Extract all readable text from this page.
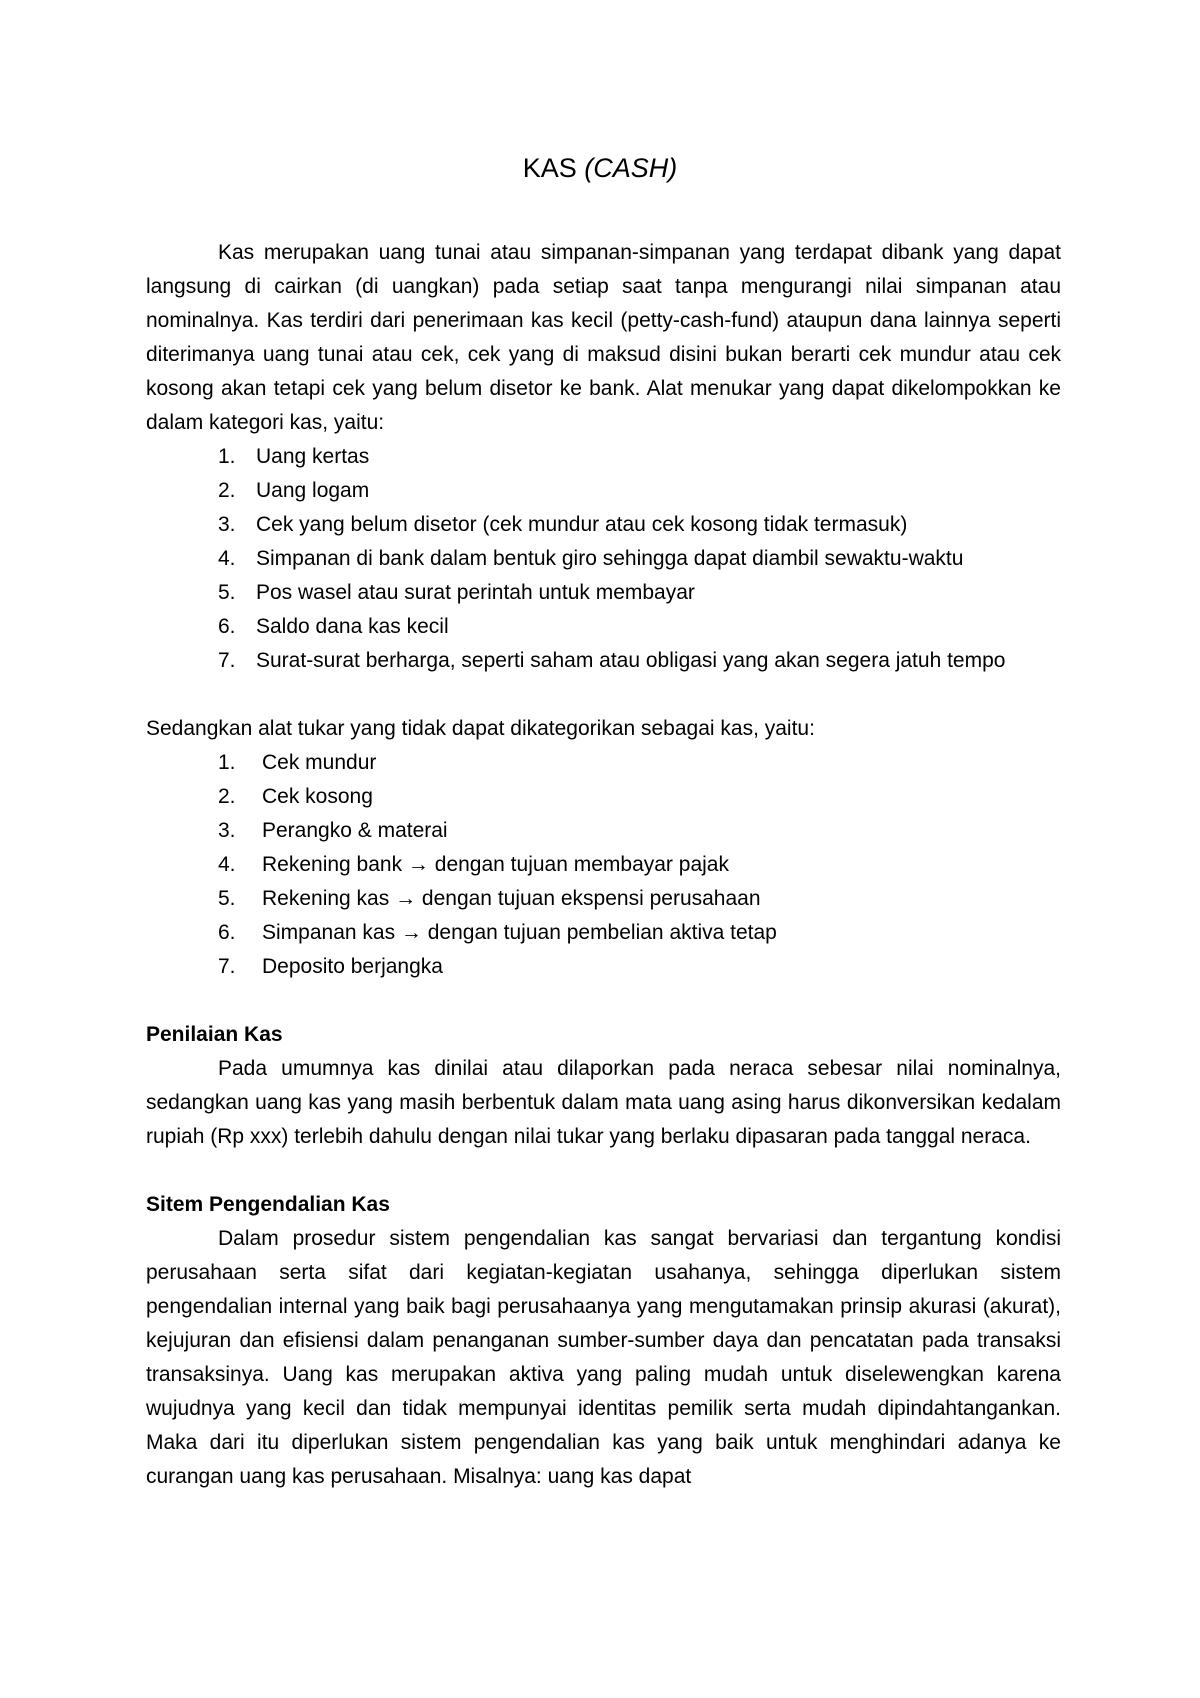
KAS (CASH)

Kas merupakan uang tunai atau simpanan-simpanan yang terdapat dibank yang dapat langsung di cairkan (di uangkan) pada setiap saat tanpa mengurangi nilai simpanan atau nominalnya. Kas terdiri dari penerimaan kas kecil (petty-cash-fund) ataupun dana lainnya seperti diterimanya uang tunai atau cek, cek yang di maksud disini bukan berarti cek mundur atau cek kosong akan tetapi cek yang belum disetor ke bank. Alat menukar yang dapat dikelompokkan ke dalam kategori kas, yaitu:

1. Uang kertas
2. Uang logam
3. Cek yang belum disetor (cek mundur atau cek kosong tidak termasuk)
4. Simpanan di bank dalam bentuk giro sehingga dapat diambil sewaktu-waktu
5. Pos wasel atau surat perintah untuk membayar
6. Saldo dana kas kecil
7. Surat-surat berharga, seperti saham atau obligasi yang akan segera jatuh tempo

Sedangkan alat tukar yang tidak dapat dikategorikan sebagai kas, yaitu:

1.	Cek mundur
2.	Cek kosong
3.	Perangko & materai
4.	Rekening bank → dengan tujuan membayar pajak
5.	Rekening kas → dengan tujuan ekspensi perusahaan
6.	Simpanan kas → dengan tujuan pembelian aktiva tetap
7.	Deposito berjangka

Penilaian Kas

Pada umumnya kas dinilai atau dilaporkan pada neraca sebesar nilai nominalnya, sedangkan uang kas yang masih berbentuk dalam mata uang asing harus dikonversikan kedalam rupiah (Rp xxx) terlebih dahulu dengan nilai tukar yang berlaku dipasaran pada tanggal neraca.

Sitem Pengendalian Kas

Dalam prosedur sistem pengendalian kas sangat bervariasi dan tergantung kondisi perusahaan serta sifat dari kegiatan-kegiatan usahanya, sehingga diperlukan sistem pengendalian internal yang baik bagi perusahaanya yang mengutamakan prinsip akurasi (akurat), kejujuran dan efisiensi dalam penanganan sumber-sumber daya dan pencatatan pada transaksi transaksinya. Uang kas merupakan aktiva yang paling mudah untuk diselewengkan karena wujudnya yang kecil dan tidak mempunyai identitas pemilik serta mudah dipindahtangankan. Maka dari itu diperlukan sistem pengendalian kas yang baik untuk menghindari adanya ke curangan uang kas perusahaan. Misalnya: uang kas dapat
